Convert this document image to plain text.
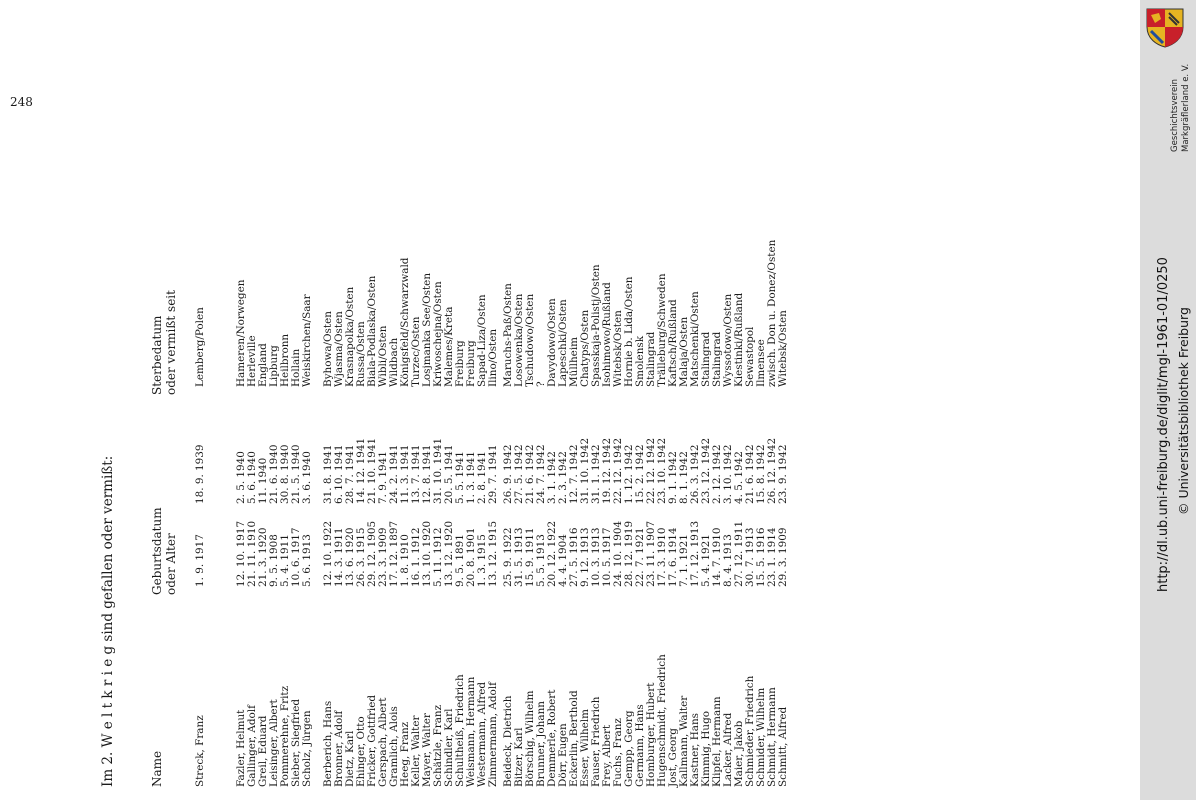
Im 2. W e l t k r i e g sind gefallen oder vermißt:	Name
Geburtsdatum oder Alter
Sterbedatum oder vermißt seit
Streck, Franz
1. 9. 1917
18. 9. 1939
Lemberg/Polen
Fazler, Helmut
12. 10. 1917
2. 5. 1940
Hameren/Norwegen
Gallinger, Adolf
21. 11. 1910
5. 6. 1940
Herleville
Greil, Eduard
21. 3. 1920
11. 1940
England
Leisinger, Albert
9. 5. 1908
21. 6. 1940
Lipburg
Pommerehne, Fritz
5. 4. 1911
30. 8. 1940
Heilbronn
Sieber, Siegfried
10. 6. 1917
21. 5. 1940
Hollain
Scholz, Jürgen
5. 6. 1913
3. 6. 1940
Weiskirchen/Saar
Berberich, Hans
12. 10. 1922
31. 8. 1941
Byhowa/Osten
Bronner, Adolf
14. 3. 1911
6. 10. 1941
Wjasma/Osten
Dietz, Karl
13. 6. 1920
28. 7. 1941
Krasnapolka/Osten
Ehinger, Otto
26. 3. 1915
14. 12. 1941
Russa/Osten
Fricker, Gottfried
29. 12. 1905
21. 10. 1941
Biala-Podlaska/Osten
Gerspach, Albert
23. 3. 1909
7. 9. 1941
Wibli/Osten
Gramlich, Alois
17. 12. 1897
24. 2. 1941
Wildbach
Heeg, Franz
1. 8. 1910
11. 3. 1941
Königsfeld/Schwarzwald
Keller, Walter
16. 1. 1912
13. 7. 1941
Turzec/Osten
Mayer, Walter
13. 10. 1920
12. 8. 1941
Losjmanka See/Osten
Schätzle, Franz
5. 11. 1912
31. 10. 1941
Kriwoschejna/Osten
Schindler, Karl
13. 12. 1920
20. 5. 1941
Malemes/Kreta
Schultheiß, Friedrich
9. 5. 1891
5. 5. 1941
Freiburg
Weismann, Hermann
20. 8. 1901
1. 3. 1941
Freiburg
Westermann, Alfred
1. 3. 1915
2. 8. 1941
Sapad-Liza/Osten
Zimmermann, Adolf
13. 12. 1915
29. 7. 1941
Ilino/Osten
Beideck, Dietrich
25. 9. 1922
26. 9. 1942
Maruchs-Paß/Osten
Bitzer, Karl
31. 5. 1913
27. 5. 1942
Losowenka/Osten
Börschig, Wilhelm
15. 9. 1911
21. 6. 1942
Tschudowo/Osten
Brunner, Johann
5. 5. 1913
24. 7. 1942
?
Demmerle, Robert
20. 12. 1922
3. 1. 1942
Davydowo/Osten
Dörr, Eugen
4. 4. 1904
2. 3. 1942
Lapeschki/Osten
Eckerlin, Berthold
27. 5. 1916
12. 7. 1942
Müllheim
Esser, Wilhelm
9. 12. 1913
31. 10. 1942
Chatyps/Osten
Fauser, Friedrich
10. 3. 1913
31. 1. 1942
Spasskaja-Polistj/Osten
Frey, Albert
10. 5. 1917
19. 12. 1942
Isohimowo/Rußland
Fuchs, Franz
24. 10. 1904
22. 12. 1942
Witebsk/Osten
Gempp, Georg
28. 12. 1919
1. 12. 1942
Hornie b. Lida/Osten
Germann, Hans
22. 7. 1921
15. 2. 1942
Smolensk
Homburger, Hubert
23. 11. 1907
22. 12. 1942
Stalingrad
Hugenschmidt, Friedrich
17. 3. 1910
23. 10. 1942
Trälleburg/Schweden
Jost, Georg
17. 6. 1914
9. 1. 1942
Kaftsch/Rußland
Kallmann, Walter
7. 1. 1921
8. 1. 1942
Malaja/Osten
Kastner, Hans
17. 12. 1913
26. 3. 1942
Matschenki/Osten
Kimmig, Hugo
5. 4. 1921
23. 12. 1942
Stalingrad
Klipfel, Hermann
14. 7. 1910
2. 12. 1942
Stalingrad
Lacker, Alfred
8. 4. 1913
3. 10. 1942
Wyssotowo/Osten
Maier, Jakob
27. 12. 1911
4. 5. 1942
Kiestinki/Rußland
Schmieder, Friedrich
30. 7. 1913
21. 6. 1942
Sewastopol
Schmider, Wilhelm
15. 5. 1916
15. 8. 1942
Ilmensee
Schmidt, Hermann
23. 1. 1914
26. 12. 1942
zwisch. Don u. Donez/Osten
Schmitt, Alfred
29. 3. 1909
23. 9. 1942
Witebsk/Osten
248	Geschichtsverein Markgräflerland e. V.
http://dl.ub.uni-freiburg.de/diglit/mgl-1961-01/0250 © Universitätsbibliothek Freiburg
